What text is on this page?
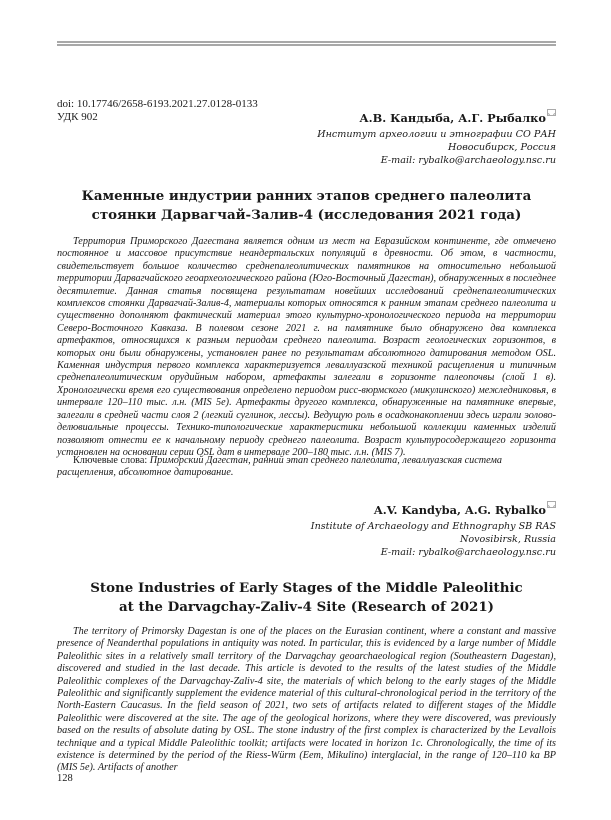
doi: 10.17746/2658-6193.2021.27.0128-0133
УДК 902	А.В. Кандыба, А.Г. Рыбалко
Институт археологии и этнографии СО РАН
Новосибирск, Россия
E-mail: rybalko@archaeology.nsc.ru
Каменные индустрии ранних этапов среднего палеолита
стоянки Дарвагчай-Залив-4 (исследования 2021 года)

Территория Приморского Дагестана является одним из мест на Евразийском континенте, где отмечено постоянное и массовое присутствие неандертальских популяций в древности. Об этом, в частности, свидетельствует большое количество среднепалеолитических памятников на относительно небольшой территории Дарвагчайского геоархеологического района (Юго-Восточный Дагестан), обнаруженных в последнее десятилетие. Данная статья посвящена результатам новейших исследований среднепалеолитических комплексов стоянки Дарвагчай-Залив-4, материалы которых относятся к ранним этапам среднего палеолита и существенно дополняют фактический материал этого культурно-хронологического периода на территории Северо-Восточного Кавказа. В полевом сезоне 2021 г. на памятнике было обнаружено два комплекса артефактов, относящихся к разным периодам среднего палеолита. Возраст геологических горизонтов, в которых они были обнаружены, установлен ранее по результатам абсолютного датирования методом OSL. Каменная индустрия первого комплекса характеризуется леваллуазской техникой расщепления и типичным среднепалеолитическим орудийным набором, артефакты залегали в горизонте палеопочвы (слой 1 в). Хронологически время его существования определено периодом рисс-вюрмского (микулинского) межледниковья, в интервале 120–110 тыс. л.н. (MIS 5e). Артефакты другого комплекса, обнаруженные на памятнике впервые, залегали в средней части слоя 2 (легкий суглинок, лессы). Ведущую роль в осадконакоплении здесь играли эолово-делювиальные процессы. Технико-типологические характеристики небольшой коллекции каменных изделий позволяют отнести ее к начальному периоду среднего палеолита. Возраст культуросодержащего горизонта установлен на основании серии OSL дат в интервале 200–180 тыс. л.н. (MIS 7).

Ключевые слова: Приморский Дагестан, ранний этап среднего палеолита, леваллуазская система расщепления, абсолютное датирование.

A.V. Kandyba, A.G. Rybalko
Institute of Archaeology and Ethnography SB RAS
Novosibirsk, Russia
E-mail: rybalko@archaeology.nsc.ru
Stone Industries of Early Stages of the Middle Paleolithic
at the Darvagchay-Zaliv-4 Site (Research of 2021)

The territory of Primorsky Dagestan is one of the places on the Eurasian continent, where a constant and massive presence of Neanderthal populations in antiquity was noted. In particular, this is evidenced by a large number of Middle Paleolithic sites in a relatively small territory of the Darvagchay geoarchaeological region (Southeastern Dagestan), discovered and studied in the last decade. This article is devoted to the results of the latest studies of the Middle Paleolithic complexes of the Darvagchay-Zaliv-4 site, the materials of which belong to the early stages of the Middle Paleolithic and significantly supplement the evidence material of this cultural-chronological period in the territory of the North-Eastern Caucasus. In the field season of 2021, two sets of artifacts related to different stages of the Middle Paleolithic were discovered at the site. The age of the geological horizons, where they were discovered, was previously based on the results of absolute dating by OSL. The stone industry of the first complex is characterized by the Levallois technique and a typical Middle Paleolithic toolkit; artifacts were located in horizon 1c. Chronologically, the time of its existence is determined by the period of the Riess-Würm (Eem, Mikulino) interglacial, in the range of 120–110 ka BP (MIS 5e). Artifacts of another

128
